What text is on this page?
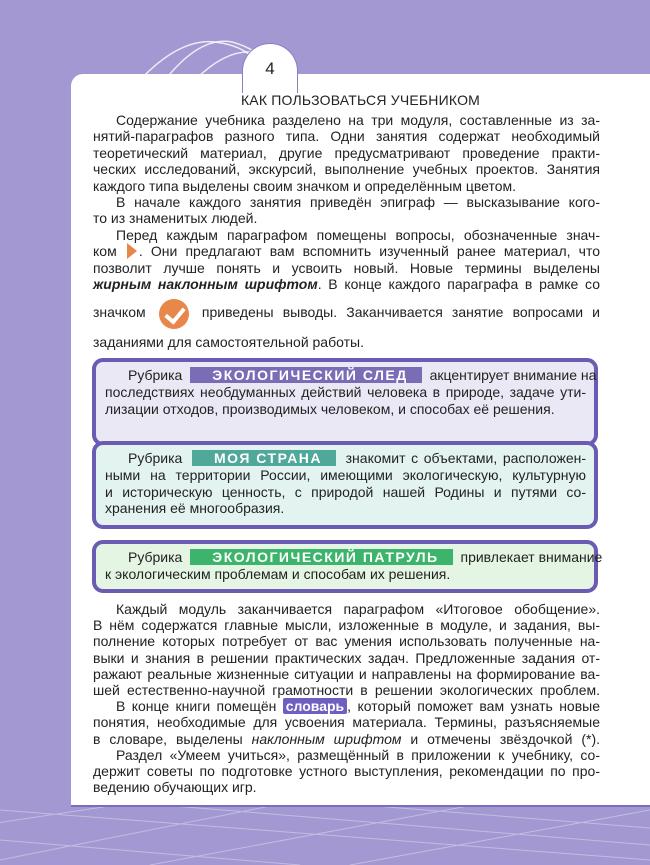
4
КАК ПОЛЬЗОВАТЬСЯ УЧЕБНИКОМ
Содержание учебника разделено на три модуля, составленные из за-
нятий-параграфов разного типа. Одни занятия содержат необходимый
теоретический материал, другие предусматривают проведение практи-
ческих исследований, экскурсий, выполнение учебных проектов. Занятия
каждого типа выделены своим значком и определённым цветом.
В начале каждого занятия приведён эпиграф — высказывание кого-
то из знаменитых людей.
Перед каждым параграфом помещены вопросы, обозначенные знач-
ком . Они предлагают вам вспомнить изученный ранее материал, что
позволит лучше понять и усвоить новый. Новые термины выделены
жирным наклонным шрифтом. В конце каждого параграфа в рамке со
значком	приведены выводы. Заканчивается занятие вопросами и
заданиями для самостоятельной работы.
Рубрика ЭКОЛОГИЧЕСКИЙ СЛЕД акцентирует внимание на
последствиях необдуманных действий человека в природе, задаче ути-
лизации отходов, производимых человеком, и способах её решения.
Рубрика МОЯ СТРАНА знакомит с объектами, расположен-
ными на территории России, имеющими экологическую, культурную
и историческую ценность, с природой нашей Родины и путями со-
хранения её многообразия.
Рубрика ЭКОЛОГИЧЕСКИЙ ПАТРУЛЬ привлекает внимание
к экологическим проблемам и способам их решения.
Каждый модуль заканчивается параграфом «Итоговое обобщение».
В нём содержатся главные мысли, изложенные в модуле, и задания, вы-
полнение которых потребует от вас умения использовать полученные на-
выки и знания в решении практических задач. Предложенные задания от-
ражают реальные жизненные ситуации и направлены на формирование ва-
шей естественно-научной грамотности в решении экологических проблем.
В конце книги помещён словарь , который поможет вам узнать новые
понятия, необходимые для усвоения материала. Термины, разъясняемые
в словаре, выделены наклонным шрифтом и отмечены звёздочкой (*).
Раздел «Умеем учиться», размещённый в приложении к учебнику, со-
держит советы по подготовке устного выступления, рекомендации по про-
ведению обучающих игр.
